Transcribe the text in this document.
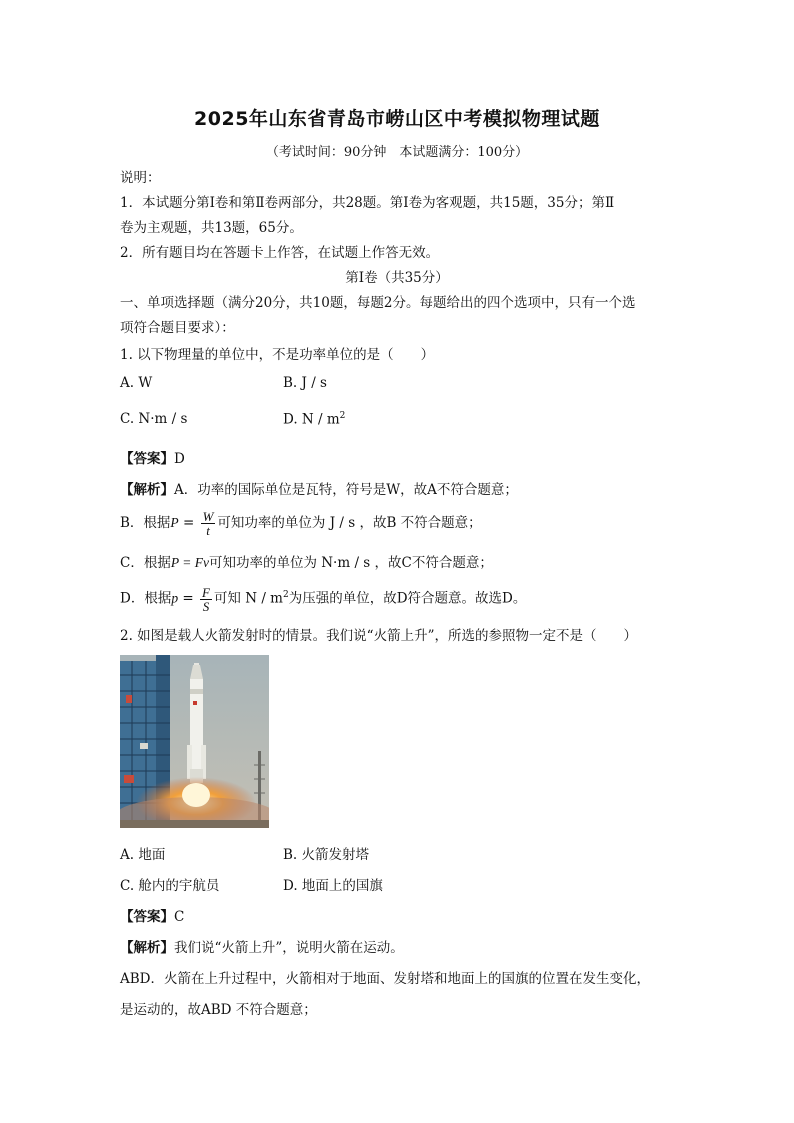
2025年山东省青岛市崂山区中考模拟物理试题
（考试时间：90分钟　本试题满分：100分）
说明：
1．本试题分第Ⅰ卷和第Ⅱ卷两部分，共28题。第Ⅰ卷为客观题，共15题，35分；第Ⅱ
卷为主观题，共13题，65分。
2．所有题目均在答题卡上作答，在试题上作答无效。
第Ⅰ卷（共35分）
一、单项选择题（满分20分，共10题，每题2分。每题给出的四个选项中，只有一个选
项符合题目要求）：
1. 以下物理量的单位中，不是功率单位的是（　　）
A. W	B. J / s
C. N·m / s	D. N / $m^2$
【答案】D
【解析】A．功率的国际单位是瓦特，符号是W，故A不符合题意；
B．根据$P = \frac{W}{t}$ 可知功率的单位为 J / s ，故B 不符合题意；
C．根据P = Fv可知功率的单位为 N·m / s ，故C不符合题意；
D．根据$p = \frac{F}{S}$ 可知 N / $m^2$为压强的单位，故D符合题意。故选D。
2. 如图是载人火箭发射时的情景。我们说“火箭上升”，所选的参照物一定不是（　　）
A. 地面	B. 火箭发射塔
C. 舱内的宇航员	D. 地面上的国旗
【答案】C
【解析】我们说“火箭上升”，说明火箭在运动。
ABD．火箭在上升过程中，火箭相对于地面、发射塔和地面上的国旗的位置在发生变化，
是运动的，故ABD 不符合题意；
